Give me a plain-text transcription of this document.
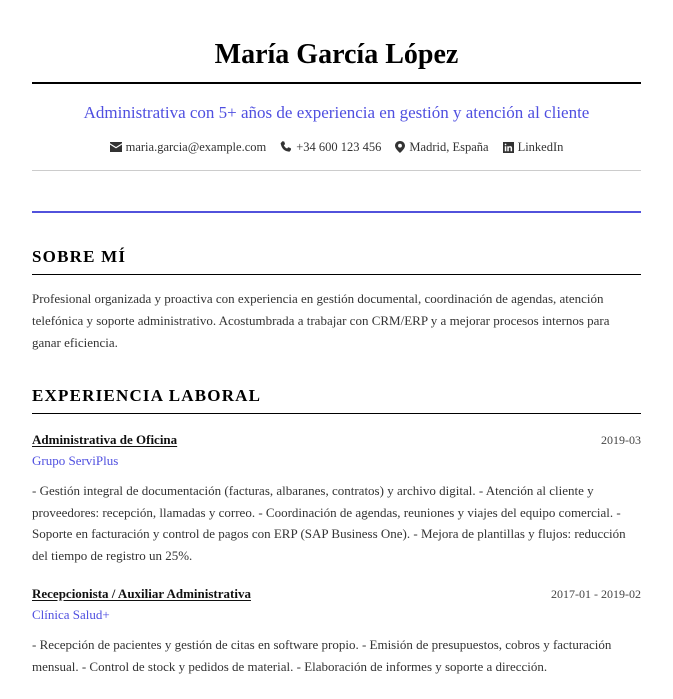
María García López
Administrativa con 5+ años de experiencia en gestión y atención al cliente
maria.garcia@example.com +34 600 123 456 Madrid, España LinkedIn
SOBRE MÍ

Profesional organizada y proactiva con experiencia en gestión documental, coordinación de agendas, atención telefónica y soporte administrativo. Acostumbrada a trabajar con CRM/ERP y a mejorar procesos internos para ganar eficiencia.

EXPERIENCIA LABORAL
Administrativa de Oficina	2019-03
Grupo ServiPlus
- Gestión integral de documentación (facturas, albaranes, contratos) y archivo digital. - Atención al cliente y proveedores: recepción, llamadas y correo. - Coordinación de agendas, reuniones y viajes del equipo comercial. - Soporte en facturación y control de pagos con ERP (SAP Business One). - Mejora de plantillas y flujos: reducción del tiempo de registro un 25%.
Recepcionista / Auxiliar Administrativa	2017-01 - 2019-02
Clínica Salud+
- Recepción de pacientes y gestión de citas en software propio. - Emisión de presupuestos, cobros y facturación mensual. - Control de stock y pedidos de material. - Elaboración de informes y soporte a dirección.
